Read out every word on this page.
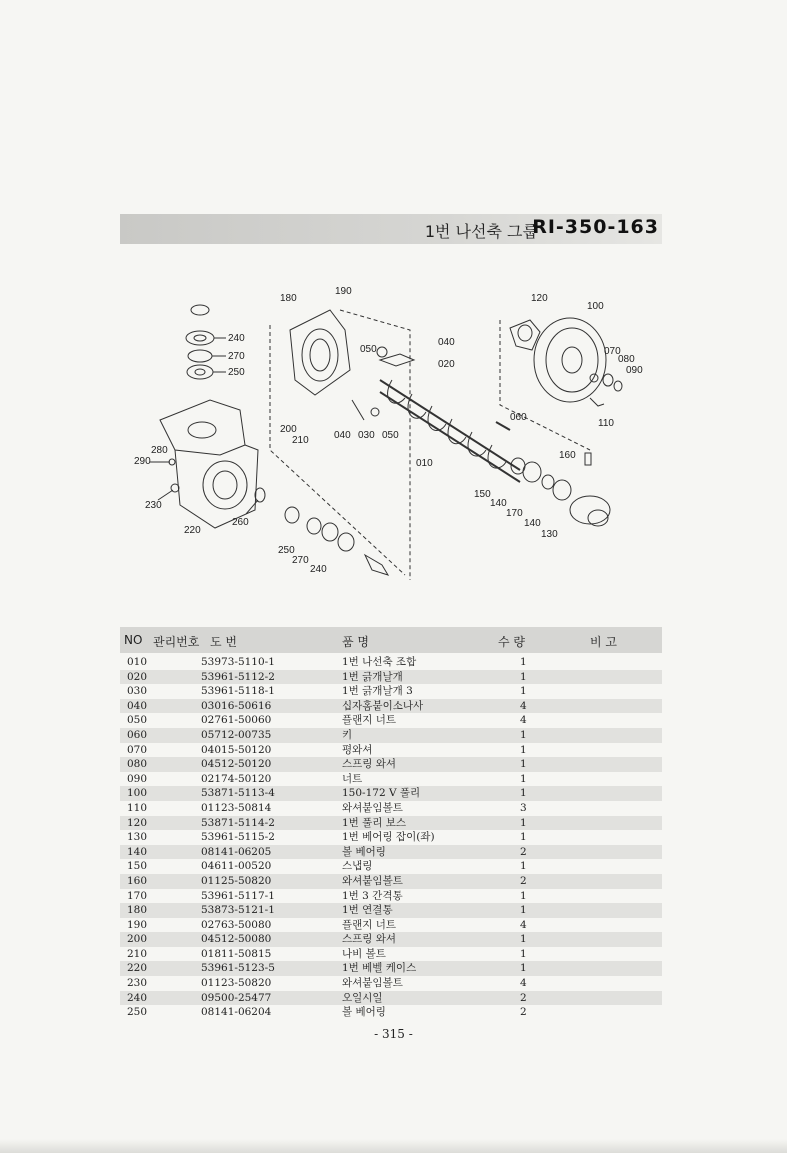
1번 나선축 그룹
RI-350-163
190
180
240
270
250
280
290
230
220
260
200
210
050
040
020
040 030 050
010
060
120
100
070
080
090
110
160
150
140
170
140
130
250
270
240
NO 관리번호 도 번	품 명	수 량	비 고
010	53973-5110-1	1번 나선축 조합	1
020	53961-5112-2	1번 긁개날개	1
030	53961-5118-1	1번 긁개날개 3	1
040	03016-50616	십자홈붙이소나사	4
050	02761-50060	플랜지 너트	4
060	05712-00735	키	1
070	04015-50120	평와셔	1
080	04512-50120	스프링 와셔	1
090	02174-50120	너트	1
100	53871-5113-4	150-172 V 풀리	1
110	01123-50814	와셔붙임볼트	3
120	53871-5114-2	1번 풀리 보스	1
130	53961-5115-2	1번 베어링 잡이(좌)	1
140	08141-06205	볼 베어링	2
150	04611-00520	스냅링	1
160	01125-50820	와셔붙임볼트	2
170	53961-5117-1	1번 3 간격통	1
180	53873-5121-1	1번 연결통	1
190	02763-50080	플랜지 너트	4
200	04512-50080	스프링 와셔	1
210	01811-50815	나비 볼트	1
220	53961-5123-5	1번 베벨 케이스	1
230	01123-50820	와셔붙임볼트	4
240	09500-25477	오일시일	2
250	08141-06204	볼 베어링	2
- 315 -
